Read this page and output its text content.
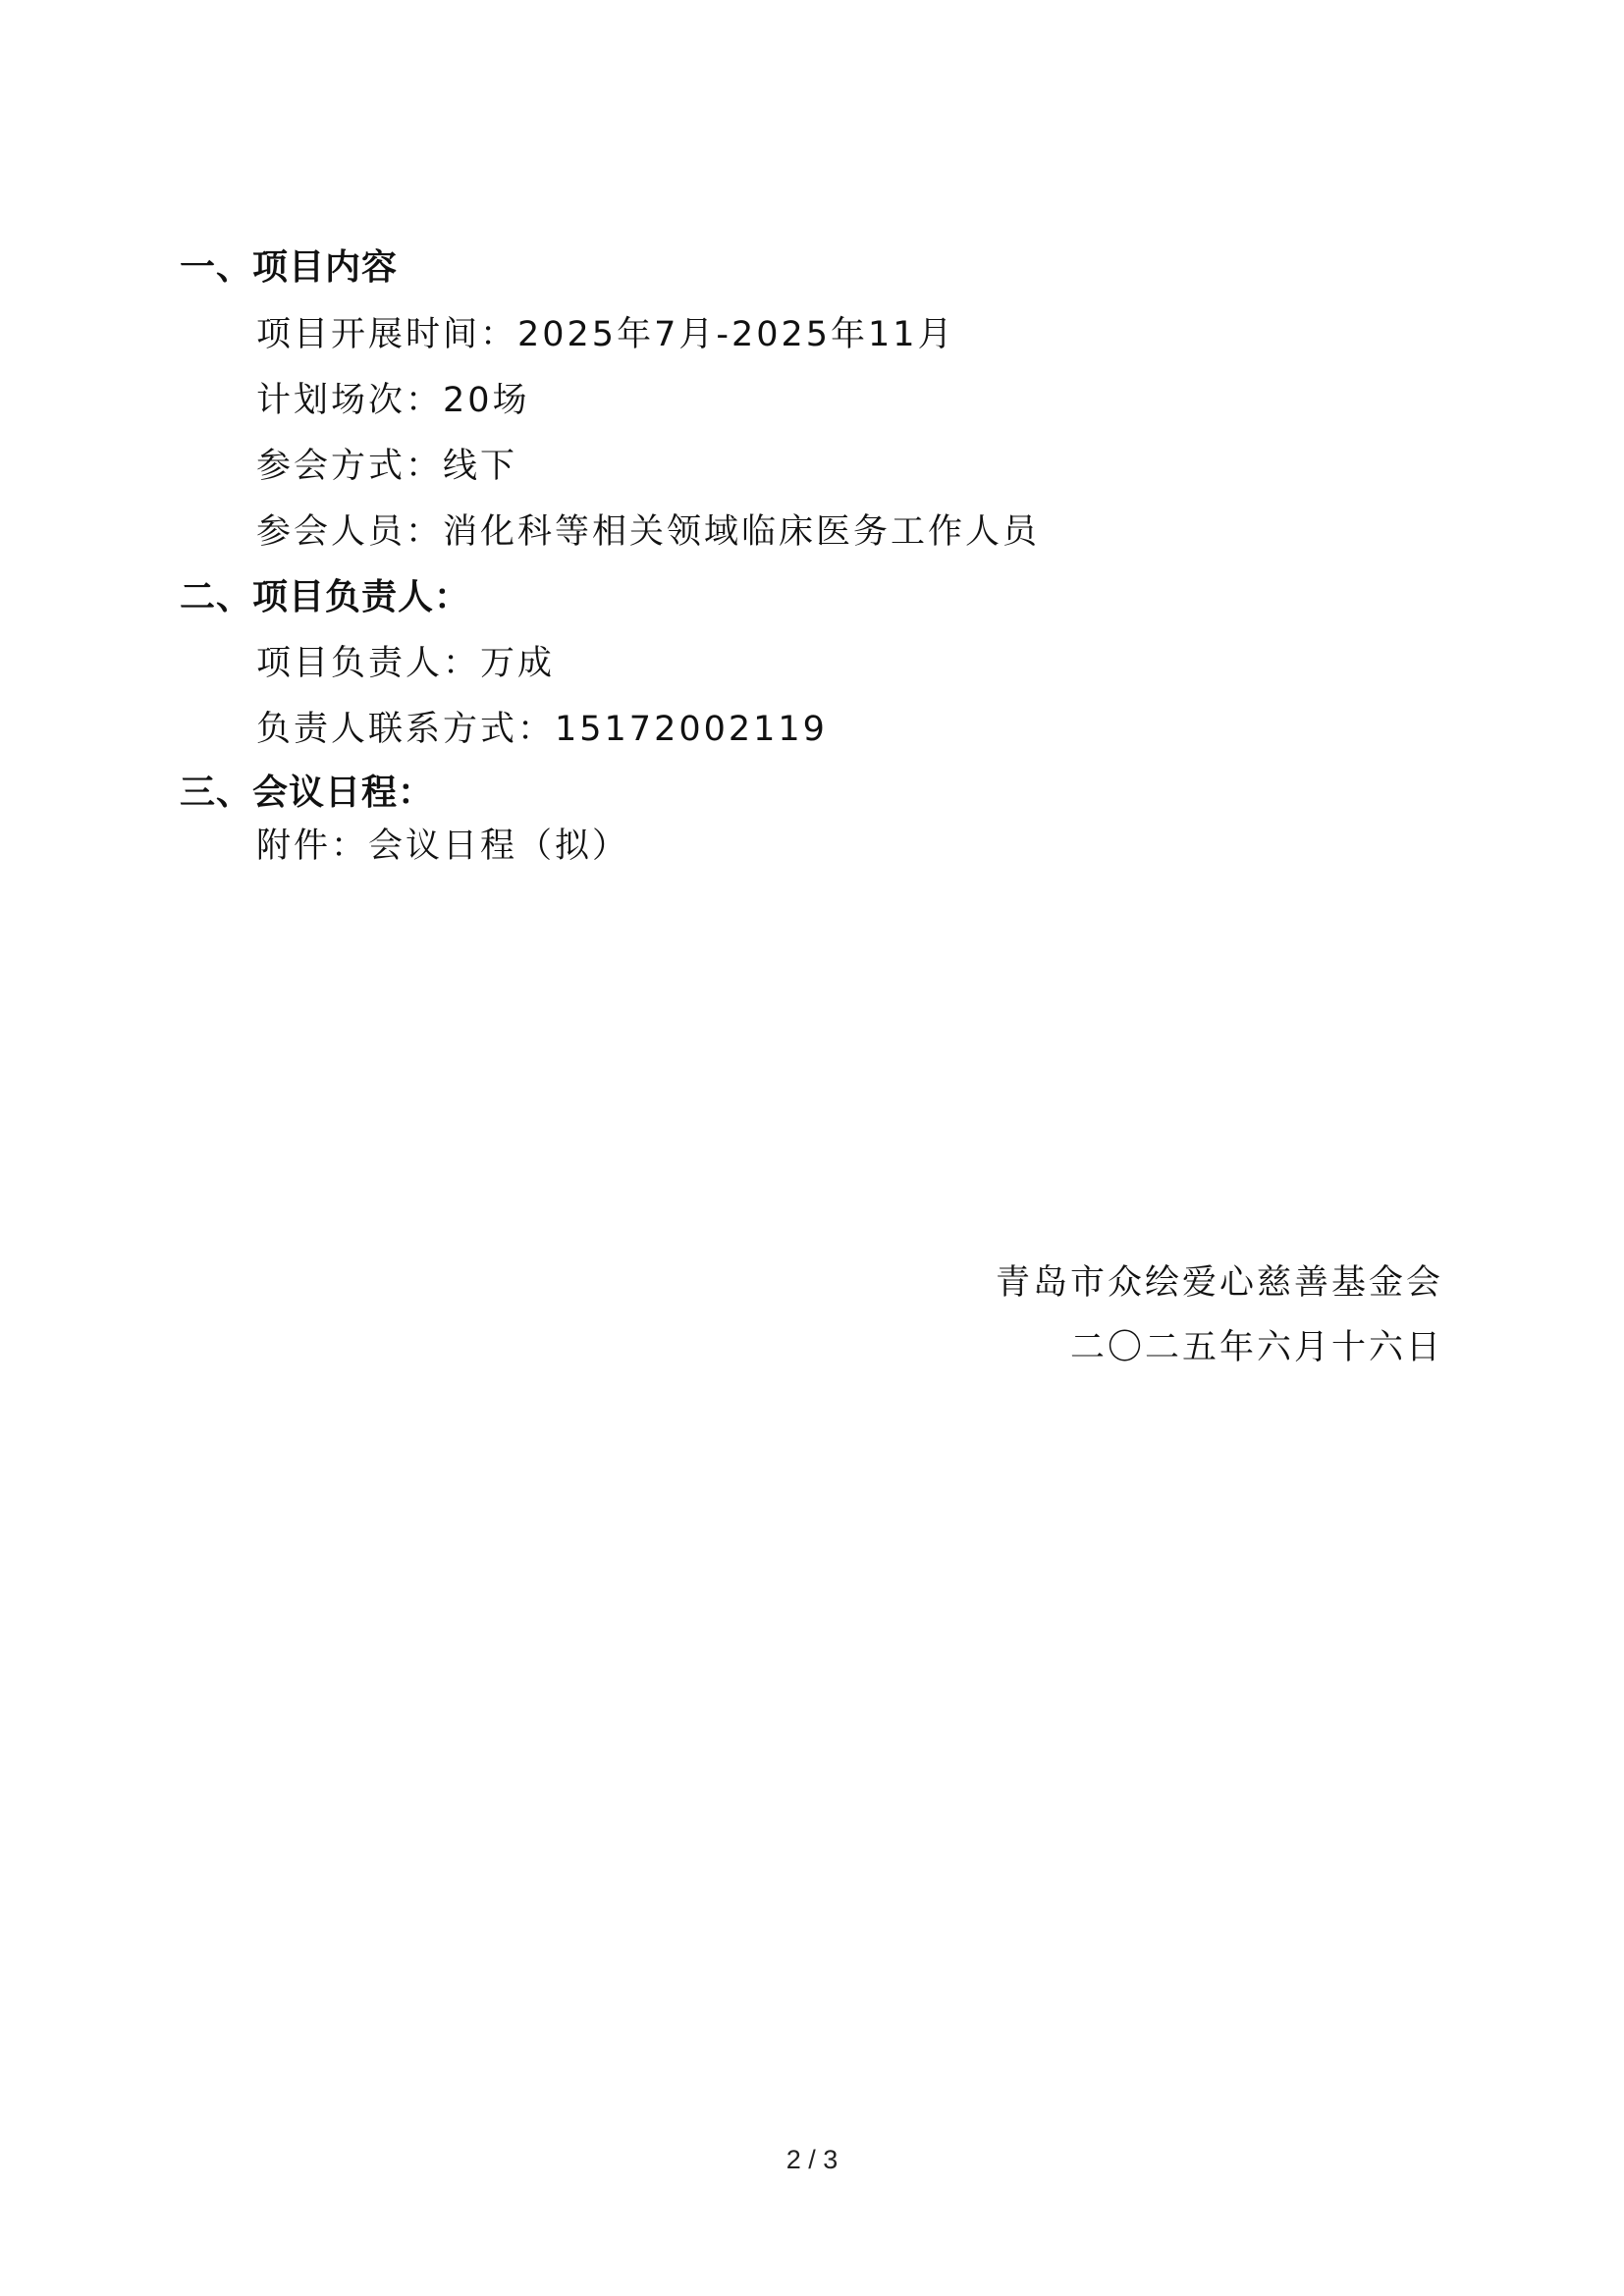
一、项目内容
项目开展时间：2025年7月-2025年11月
计划场次：20场
参会方式：线下
参会人员：消化科等相关领域临床医务工作人员
二、项目负责人：
项目负责人：万成
负责人联系方式：15172002119
三、会议日程：
附件：会议日程（拟）
青岛市众绘爱心慈善基金会
二〇二五年六月十六日
2 / 3
